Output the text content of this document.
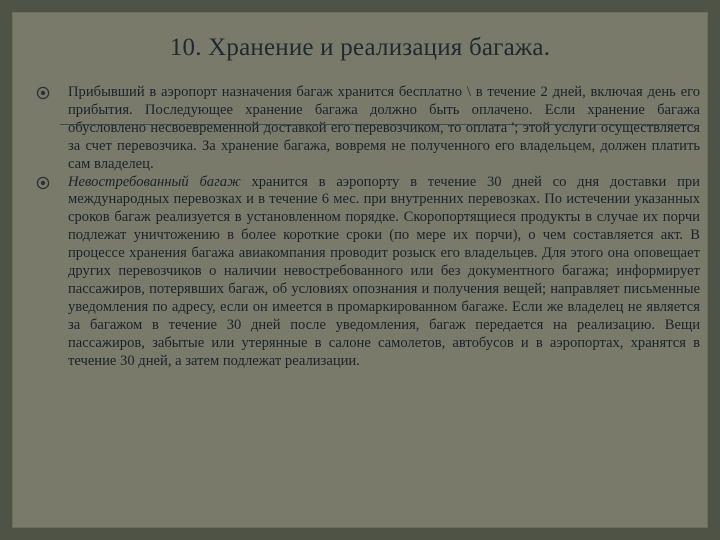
10. Хранение и реализация багажа.
Прибывший в аэропорт назначения багаж хранится бесплатно \ в течение 2 дней, включая день его прибытия. Последующее хранение багажа должно быть оплачено. Если хранение багажа обусловлено несвоевременной доставкой его перевозчиком, то оплата '; этой услуги осуществляется за счет перевозчика. За хранение багажа, вовремя не полученного его владельцем, должен платить сам владелец.
Невостребованный багаж хранится в аэропорту в течение 30 дней со дня доставки при международных перевозках и в течение 6 мес. при внутренних перевозках. По истечении указанных сроков багаж реализуется в установленном порядке. Скоропортящиеся продукты в случае их порчи подлежат уничтожению в более короткие сроки (по мере их порчи), о чем составляется акт. В процессе хранения багажа авиакомпания проводит розыск его владельцев. Для этого она оповещает других перевозчиков о наличии невостребованного или без документного багажа; информирует пассажиров, потерявших багаж, об условиях опознания и получения вещей; направляет письменные уведомления по адресу, если он имеется в промаркированном багаже. Если же владелец не является за багажом в течение 30 дней после уведомления, багаж передается на реализацию. Вещи пассажиров, забытые или утерянные в салоне самолетов, автобусов и в аэропортах, хранятся в течение 30 дней, а затем подлежат реализации.
